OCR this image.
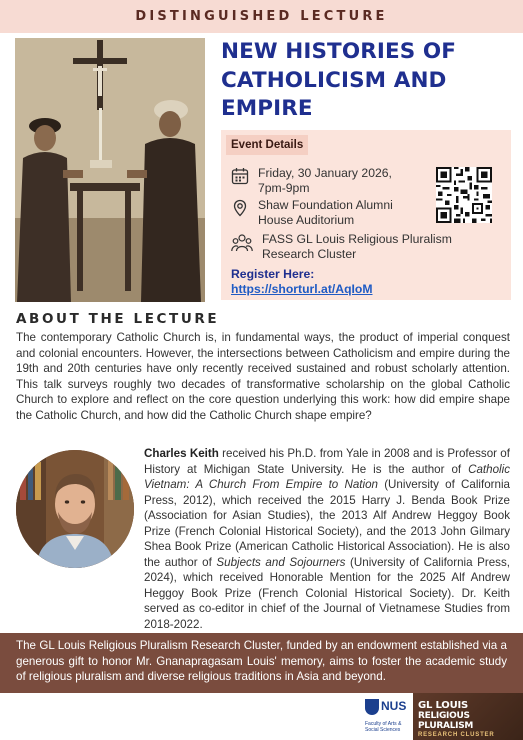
DISTINGUISHED LECTURE
NEW HISTORIES OF
CATHOLICISM AND
EMPIRE
Event Details
Friday, 30 January 2026,
7pm-9pm
Shaw Foundation Alumni
House Auditorium
FASS GL Louis Religious Pluralism
Research Cluster
Register Here:
https://shorturl.at/AqIoM
ABOUT THE LECTURE
The contemporary Catholic Church is, in fundamental ways, the product of imperial conquest and colonial encounters. However, the intersections between Catholicism and empire during the 19th and 20th centuries have only recently received sustained and robust scholarly attention. This talk surveys roughly two decades of transformative scholarship on the global Catholic Church to explore and reflect on the core question underlying this work: how did empire shape the Catholic Church, and how did the Catholic Church shape empire?
Charles Keith received his Ph.D. from Yale in 2008 and is Professor of History at Michigan State University. He is the author of Catholic Vietnam: A Church From Empire to Nation (University of California Press, 2012), which received the 2015 Harry J. Benda Book Prize (Association for Asian Studies), the 2013 Alf Andrew Heggoy Book Prize (French Colonial Historical Society), and the 2013 John Gilmary Shea Book Prize (American Catholic Historical Association). He is also the author of Subjects and Sojourners (University of California Press, 2024), which received Honorable Mention for the 2025 Alf Andrew Heggoy Book Prize (French Colonial Historical Society). Dr. Keith served as co-editor in chief of the Journal of Vietnamese Studies from 2018-2022.
The GL Louis Religious Pluralism Research Cluster, funded by an endowment established via a generous gift to honor Mr. Gnanapragasam Louis' memory, aims to foster the academic study of religious pluralism and diverse religious traditions in Asia and beyond.
NUS
Faculty of Arts & Social Sciences
GL LOUIS
RELIGIOUS PLURALISM
RESEARCH CLUSTER
